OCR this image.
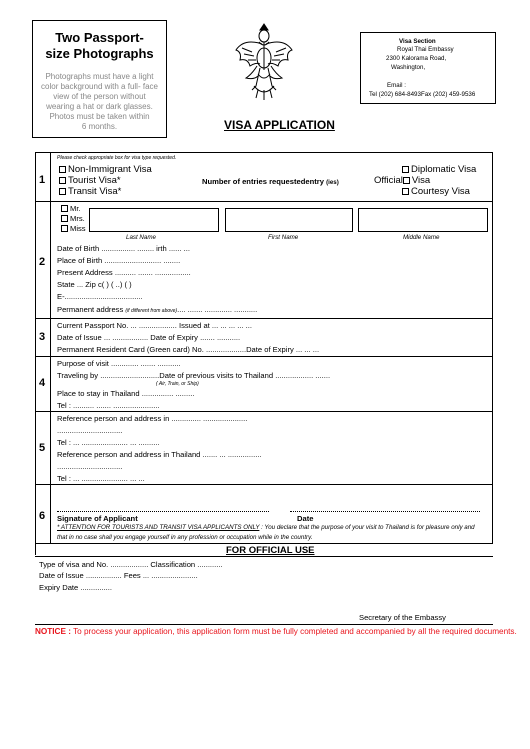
Two Passport-
size Photographs
Photographs must have a light
color background with a full- face
view of the person without
wearing a hat or dark glasses.
Photos must be taken within
6 months.
Visa Section
Royal Thai Embassy
2300 Kalorama Road,
Washington,
Email :
Tel (202) 684-8493Fax (202) 459-9536
VISA APPLICATION
1
Please check appropriate box for visa type requested.
Non-Immigrant Visa
Tourist Visa*
Transit Visa*
Number of entries requestedentry (ies)
Diplomatic Visa
Official Visa
Courtesy Visa
2
Mr.
Mrs.
Miss
Last Name	First Name	Middle Name
Date of Birth ................ ........ irth ...... ...
Place of Birth ........................... ........
Present Address .......... ....... .................
State ... Zip c( ) ( ..) ( )
E-.....................................
Permanent address (if different from above).... ....... ............. ...........
3
Current Passport No. ... .................. Issued at ... ... ... ... ...
Date of Issue ... ................. Date of Expiry ....... ...........
Permanent Resident Card (Green card) No. ...................Date of Expiry ... ... ...
4
Purpose of visit ............. ....... ...........
Traveling by ............................Date of previous visits to Thailand .................. .......
( Air, Train, or Ship)
Place to stay in Thailand ............... .........
Tel : .......... ....... ......................
5
Reference person and address in .............. .....................
...............................
Tel : ... ...................... ... ..........
Reference person and address in Thailand ....... ... ................
...............................
Tel : ... ...................... ... ...
6 Signature of Applicant	Date
* ATTENTION FOR TOURISTS AND TRANSIT VISA APPLICANTS ONLY : You declare that the purpose of your visit to Thailand is for pleasure only and
that in no case shall you engage yourself in any profession or occupation while in the country.
FOR OFFICIAL USE
Type of visa and No. .................. Classification ............
Date of Issue ................. Fees ... ......................
Expiry Date ...............
Secretary of the Embassy
NOTICE : To process your application, this application form must be fully completed and accompanied by all the required documents.
